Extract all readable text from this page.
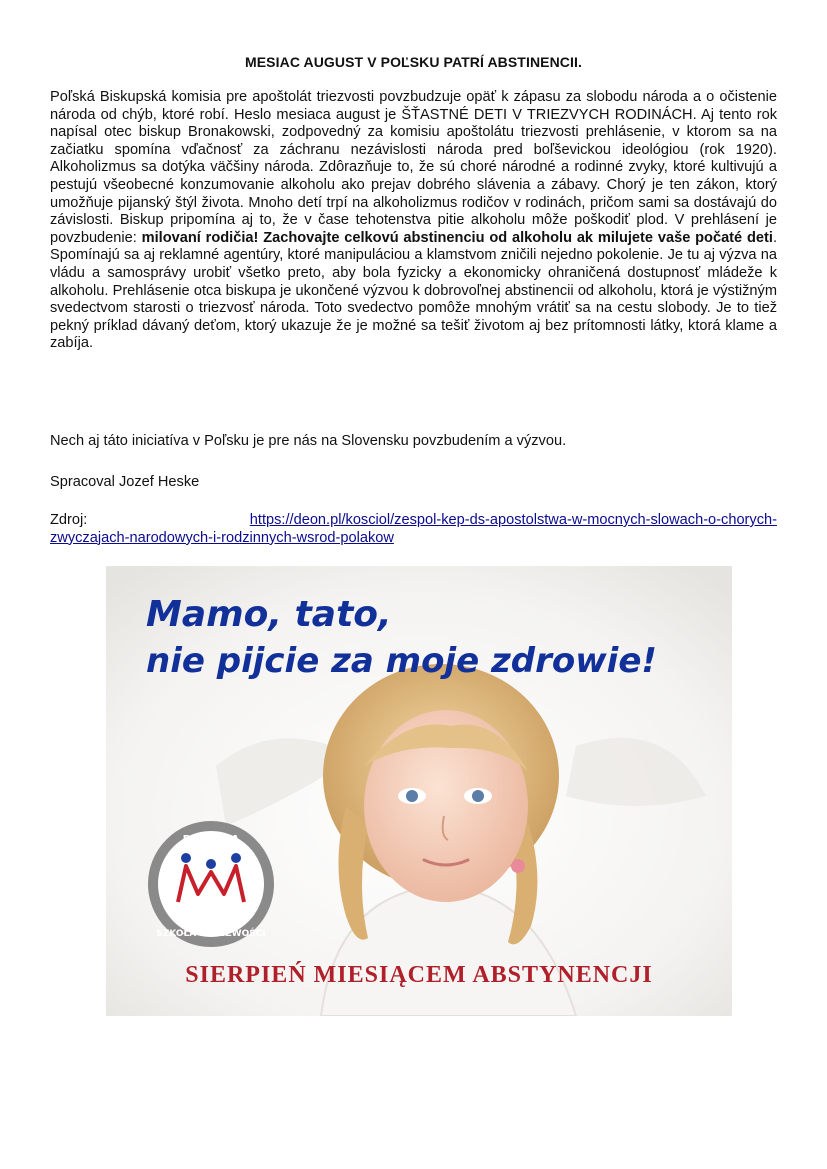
MESIAC AUGUST V POĽSKU PATRÍ ABSTINENCII.
Poľská Biskupská komisia pre apoštolát triezvosti povzbudzuje opäť k zápasu za slobodu národa a o očistenie národa od chýb, ktoré robí. Heslo mesiaca august je ŠŤASTNÉ DETI V TRIEZVYCH RODINÁCH. Aj tento rok napísal otec biskup Bronakowski, zodpovedný za komisiu apoštolátu triezvosti prehlásenie, v ktorom sa na začiatku spomína vďačnosť za záchranu nezávislosti národa pred boľševickou ideológiou (rok 1920). Alkoholizmus sa dotýka väčšiny národa. Zdôrazňuje to, že sú choré národné a rodinné zvyky, ktoré kultivujú a pestujú všeobecné konzumovanie alkoholu ako prejav dobrého slávenia a zábavy. Chorý je ten zákon, ktorý umožňuje pijanský štýl života. Mnoho detí trpí na alkoholizmus rodičov v rodinách, pričom sami sa dostávajú do závislosti. Biskup pripomína aj to, že v čase tehotenstva pitie alkoholu môže poškodiť plod. V prehlásení je povzbudenie: milovaní rodičia! Zachovajte celkovú abstinenciu od alkoholu ak milujete vaše počaté deti. Spomínajú sa aj reklamné agentúry, ktoré manipuláciou a klamstvom zničili nejedno pokolenie. Je tu aj výzva na vládu a samosprávy urobiť všetko preto, aby bola fyzicky a ekonomicky ohraničená dostupnosť mládeže k alkoholu. Prehlásenie otca biskupa je ukončené výzvou k dobrovoľnej abstinencii od alkoholu, ktorá je výstižným svedectvom starosti o triezvosť národa. Toto svedectvo pomôže mnohým vrátiť sa na cestu slobody. Je to tiež pekný príklad dávaný deťom, ktorý ukazuje že je možné sa tešiť životom aj bez prítomnosti látky, ktorá klame a zabíja.
Nech aj táto iniciatíva v Poľsku je pre nás na Slovensku povzbudením a výzvou.
Spracoval Jozef Heske
Zdroj:	https://deon.pl/kosciol/zespol-kep-ds-apostolstwa-w-mocnych-slowach-o-chorych-
zwyczajach-narodowych-i-rodzinnych-wsrod-polakow
Mamo, tato,
nie pijcie za moje zdrowie!
RODZINA
SZKOŁA TRZEŹWOŚCI
SIERPIEŃ MIESIĄCEM ABSTYNENCJI
